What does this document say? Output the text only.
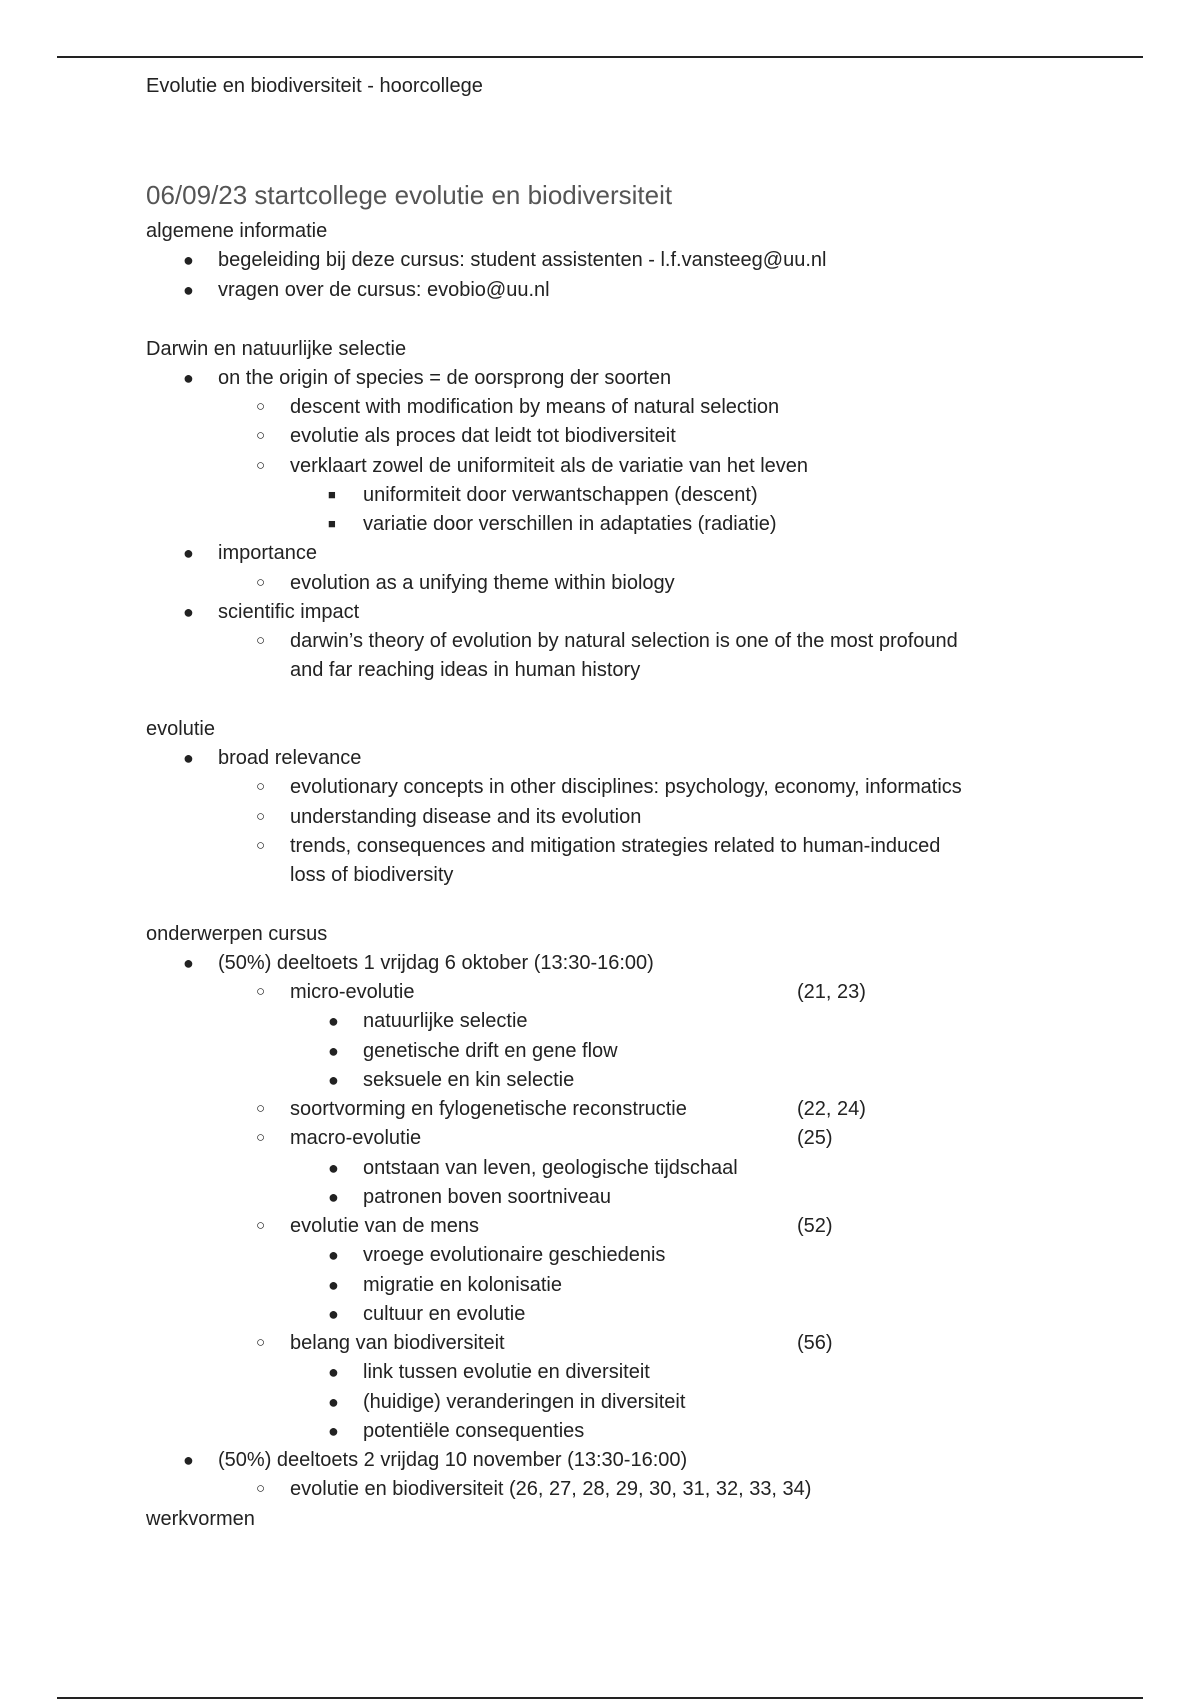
Evolutie en biodiversiteit - hoorcollege
06/09/23 startcollege evolutie en biodiversiteit
algemene informatie
● begeleiding bij deze cursus: student assistenten - l.f.vansteeg@uu.nl
● vragen over de cursus: evobio@uu.nl
Darwin en natuurlijke selectie
● on the origin of species = de oorsprong der soorten
○ descent with modification by means of natural selection
○ evolutie als proces dat leidt tot biodiversiteit
○ verklaart zowel de uniformiteit als de variatie van het leven
■ uniformiteit door verwantschappen (descent)
■ variatie door verschillen in adaptaties (radiatie)
● importance
○ evolution as a unifying theme within biology
● scientific impact
○ darwin’s theory of evolution by natural selection is one of the most profound
and far reaching ideas in human history
evolutie
● broad relevance
○ evolutionary concepts in other disciplines: psychology, economy, informatics
○ understanding disease and its evolution
○ trends, consequences and mitigation strategies related to human-induced
loss of biodiversity
onderwerpen cursus
● (50%) deeltoets 1 vrijdag 6 oktober (13:30-16:00)
○ micro-evolutie	(21, 23)
● natuurlijke selectie
● genetische drift en gene flow
● seksuele en kin selectie
○ soortvorming en fylogenetische reconstructie	(22, 24)
○ macro-evolutie	(25)
● ontstaan van leven, geologische tijdschaal
● patronen boven soortniveau
○ evolutie van de mens	(52)
● vroege evolutionaire geschiedenis
● migratie en kolonisatie
● cultuur en evolutie
○ belang van biodiversiteit	(56)
● link tussen evolutie en diversiteit
● (huidige) veranderingen in diversiteit
● potentiële consequenties
● (50%) deeltoets 2 vrijdag 10 november (13:30-16:00)
○ evolutie en biodiversiteit (26, 27, 28, 29, 30, 31, 32, 33, 34)
werkvormen
